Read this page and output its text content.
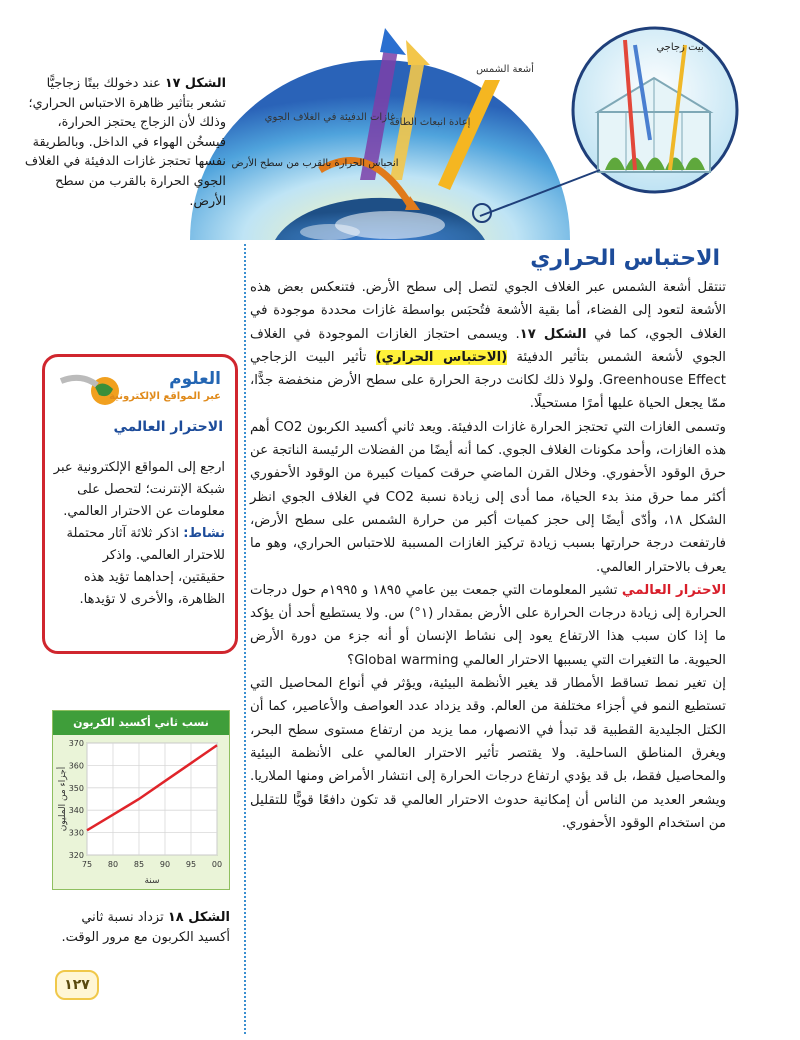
أشعة الشمس
إعادة انبعاث الطاقة
غازات الدفيئة في الغلاف الجوي
انحباس الحرارة بالقرب من سطح الأرض
بيت زجاجي
الشكل ١٧ عند دخولك بيتًا زجاجيًّا تشعر بتأثير ظاهرة الاحتباس الحراري؛ وذلك لأن الزجاج يحتجز الحرارة، فيسخُن الهواء في الداخل. وبالطريقة نفسها تحتجز غازات الدفيئة في الغلاف الجوي الحرارة بالقرب من سطح الأرض.
العلوم
عبر المواقع الإلكترونية
الاحترار العالمي
ارجع إلى المواقع الإلكترونية عبر شبكة الإنترنت؛ لتحصل على معلومات عن الاحترار العالمي. نشاط: اذكر ثلاثة آثار محتملة للاحترار العالمي. واذكر حقيقتين، إحداهما تؤيد هذه الظاهرة، والأخرى لا تؤيدها.
نسب ثاني أكسيد الكربون
320
330
340
350
360
370
75 80 85 90 95 00
أجزاء من المليون
سنة
الشكل ١٨ تزداد نسبة ثاني أكسيد الكربون مع مرور الوقت.
١٢٧
الاحتباس الحراري

تنتقل أشعة الشمس عبر الغلاف الجوي لتصل إلى سطح الأرض. فتنعكس بعض هذه الأشعة لتعود إلى الفضاء، أما بقية الأشعة فتُحبَس بواسطة غازات محددة موجودة في الغلاف الجوي، كما في الشكل ١٧. ويسمى احتجاز الغازات الموجودة في الغلاف الجوي لأشعة الشمس بتأثير الدفيئة (الاحتباس الحراري) تأثير البيت الزجاجي Greenhouse Effect. ولولا ذلك لكانت درجة الحرارة على سطح الأرض منخفضة جدًّا، ممّا يجعل الحياة عليها أمرًا مستحيلًا.

وتسمى الغازات التي تحتجز الحرارة غازات الدفيئة. ويعد ثاني أكسيد الكربون CO2 أهم هذه الغازات، وأحد مكونات الغلاف الجوي. كما أنه أيضًا من الفضلات الرئيسة الناتجة عن حرق الوقود الأحفوري. وخلال القرن الماضي حرقت كميات كبيرة من الوقود الأحفوري أكثر مما حرق منذ بدء الحياة، مما أدى إلى زيادة نسبة CO2 في الغلاف الجوي انظر الشكل ١٨، وأدّى أيضًا إلى حجز كميات أكبر من حرارة الشمس على سطح الأرض، فارتفعت درجة حرارتها بسبب زيادة تركيز الغازات المسببة للاحتباس الحراري، وهو ما يعرف بالاحترار العالمي.

الاحترار العالمي تشير المعلومات التي جمعت بين عامي ١٨٩٥ و ١٩٩٥م حول درجات الحرارة إلى زيادة درجات الحرارة على الأرض بمقدار (١°) س. ولا يستطيع أحد أن يؤكد ما إذا كان سبب هذا الارتفاع يعود إلى نشاط الإنسان أو أنه جزء من دورة الأرض الحيوية. ما التغيرات التي يسببها الاحترار العالمي Global warming؟

إن تغير نمط تساقط الأمطار قد يغير الأنظمة البيئية، ويؤثر في أنواع المحاصيل التي تستطيع النمو في أجزاء مختلفة من العالم. وقد يزداد عدد العواصف والأعاصير، كما أن الكتل الجليدية القطبية قد تبدأ في الانصهار، مما يزيد من ارتفاع مستوى سطح البحر، ويغرق المناطق الساحلية. ولا يقتصر تأثير الاحترار العالمي على الأنظمة البيئية والمحاصيل فقط، بل قد يؤدي ارتفاع درجات الحرارة إلى انتشار الأمراض ومنها الملاريا. ويشعر العديد من الناس أن إمكانية حدوث الاحترار العالمي قد تكون دافعًا قويًّا للتقليل من استخدام الوقود الأحفوري.
